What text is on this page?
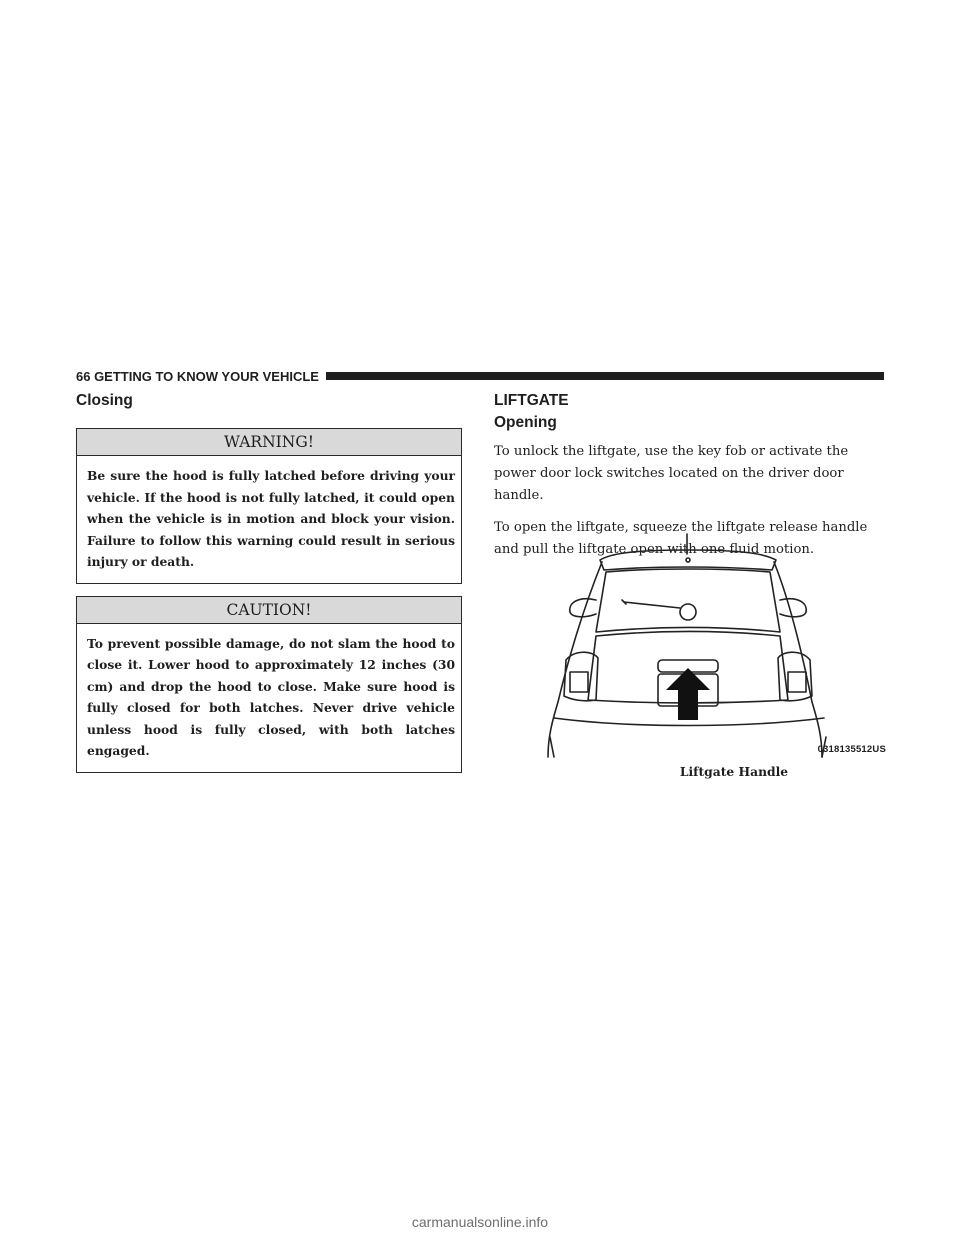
66 GETTING TO KNOW YOUR VEHICLE
Closing
WARNING!
Be sure the hood is fully latched before driving your vehicle. If the hood is not fully latched, it could open when the vehicle is in motion and block your vision. Failure to follow this warning could result in serious injury or death.
CAUTION!
To prevent possible damage, do not slam the hood to close it. Lower hood to approximately 12 inches (30 cm) and drop the hood to close. Make sure hood is fully closed for both latches. Never drive vehicle unless hood is fully closed, with both latches engaged.
LIFTGATE
Opening

To unlock the liftgate, use the key fob or activate the power door lock switches located on the driver door handle.

To open the liftgate, squeeze the liftgate release handle and pull the liftgate open with one fluid motion.

0318135512US
Liftgate Handle
carmanualsonline.info
